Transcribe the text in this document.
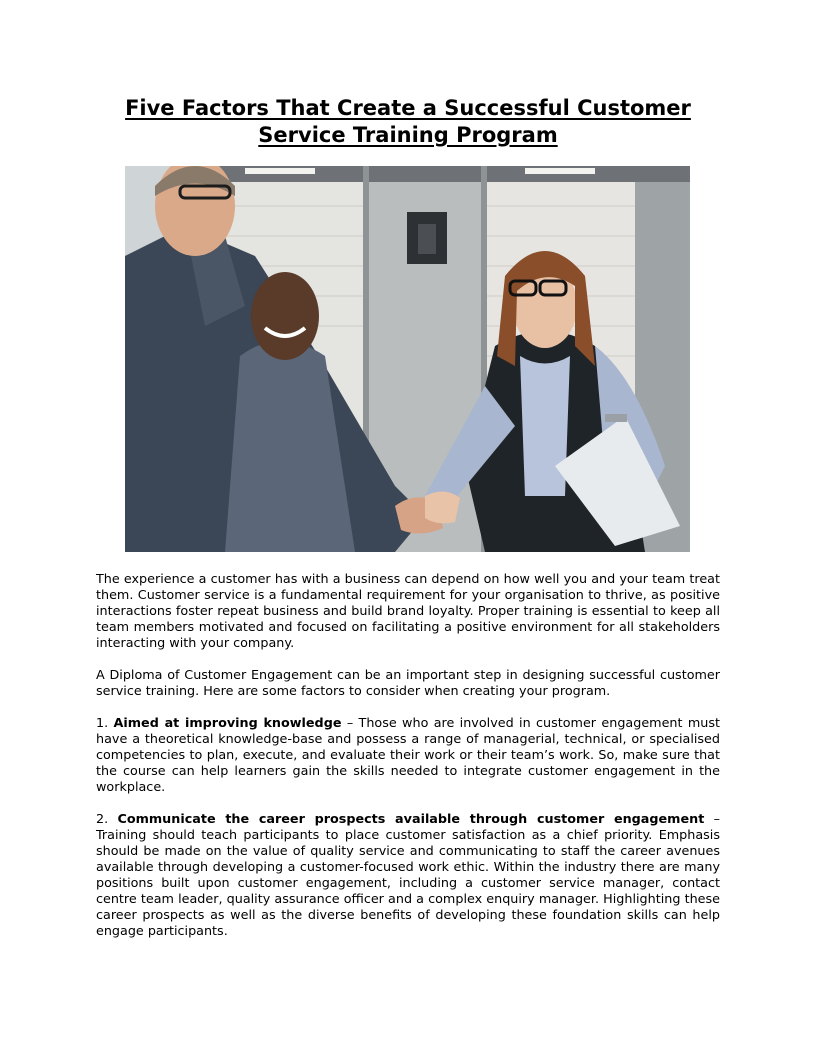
Five Factors That Create a Successful Customer Service Training Program

The experience a customer has with a business can depend on how well you and your team treat them. Customer service is a fundamental requirement for your organisation to thrive, as positive interactions foster repeat business and build brand loyalty. Proper training is essential to keep all team members motivated and focused on facilitating a positive environment for all stakeholders interacting with your company.

A Diploma of Customer Engagement can be an important step in designing successful customer service training. Here are some factors to consider when creating your program.

1. Aimed at improving knowledge – Those who are involved in customer engagement must have a theoretical knowledge-base and possess a range of managerial, technical, or specialised competencies to plan, execute, and evaluate their work or their team’s work. So, make sure that the course can help learners gain the skills needed to integrate customer engagement in the workplace.

2. Communicate the career prospects available through customer engagement – Training should teach participants to place customer satisfaction as a chief priority. Emphasis should be made on the value of quality service and communicating to staff the career avenues available through developing a customer-focused work ethic. Within the industry there are many positions built upon customer engagement, including a customer service manager, contact centre team leader, quality assurance officer and a complex enquiry manager. Highlighting these career prospects as well as the diverse benefits of developing these foundation skills can help engage participants.
